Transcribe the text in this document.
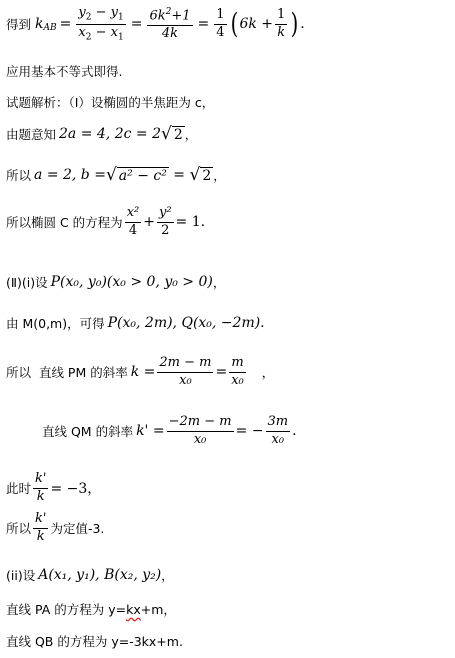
得到 $k_{AB} = \frac{y_2 - y_1}{x_2 - x_1} = \frac{6k^2+1}{4k} = \frac{1}{4}$ ( $6k + \frac{1}{k}$ ) .
应用基本不等式即得.
试题解析：（Ⅰ）设椭圆的半焦距为 c，
由题意知 2a = 4, 2c = 2 √ 2 ，
所以 a = 2, b = √ a² − c² = √ 2 ，
所以椭圆 C 的方程为 $\frac{\text{x²}}{4} + \frac{\text{y²}}{2} = 1$.
(Ⅱ)(i)设 P(x₀, y₀)(x₀ > 0, y₀ > 0) ，
由 M(0,m)，可得 P(x₀, 2m), Q(x₀, −2m).
所以  直线 PM 的斜率 $k = \frac{2m - m}{\text{x₀}} = \frac{m}{\text{x₀}}$ ，
直线 QM 的斜率 $k' = \frac{-2m - m}{\text{x₀}}$ = − $\frac{3m}{\text{x₀}}$ .
此时 $\frac{k'}{k} = -3$，
所以 $\frac{k'}{k}$ 为定值-3.
(ii)设 A(x₁, y₁), B(x₂, y₂) ，
直线 PA 的方程为 y= kx +m，
直线 QB 的方程为 y=-3kx+m.
